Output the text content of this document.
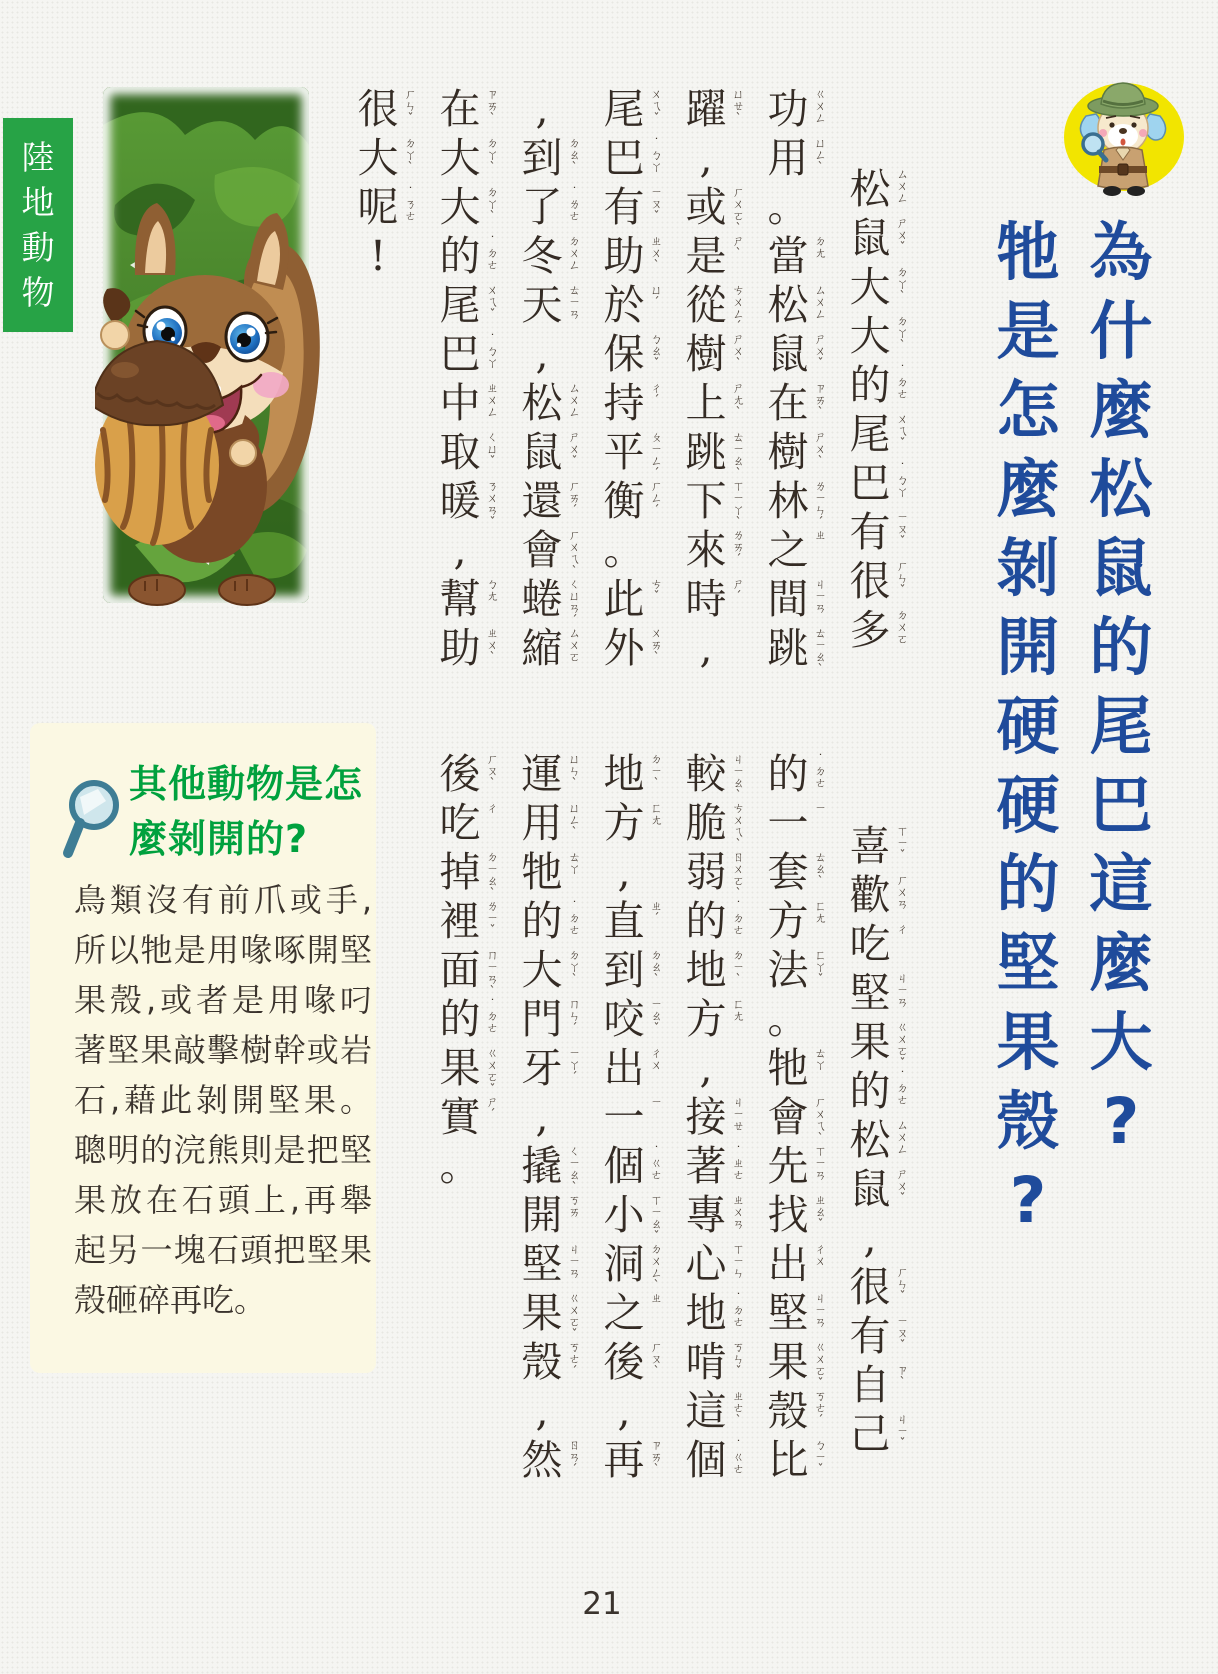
陸
地
動
物
為
什
麼
松
鼠
的
尾
巴
這
麼
大
?
牠
是
怎
麼
剝
開
硬
硬
的
堅
果
殼
?
松 ㄙ
ㄨ
ㄥ
鼠 ㄕ
ㄨ
ˇ
大 ㄉ
ㄚ
ˋ
大 ㄉ
ㄚ
ˋ
的 ˙
ㄉ
ㄜ
尾 ㄨ
ㄟ
ˇ
巴 ˙
ㄅ
ㄚ
有 ㄧ
ㄡ
ˇ
很 ㄏ
ㄣ
ˇ
多 ㄉ
ㄨ
ㄛ
功 ㄍ
ㄨ
ㄥ
用 ㄩ
ㄥ
ˋ
。
當 ㄉ
ㄤ
松 ㄙ
ㄨ
ㄥ
鼠 ㄕ
ㄨ
ˇ
在 ㄗ
ㄞ
ˋ
樹 ㄕ
ㄨ
ˋ
林 ㄌ
ㄧ
ㄣ
ˊ
之 ㄓ
間 ㄐ
ㄧ
ㄢ
跳 ㄊ
ㄧ
ㄠ
ˋ
躍 ㄩ
ㄝ
ˋ
,
或 ㄏ
ㄨ
ㄛ
ˋ
是 ㄕ
ˋ
從 ㄘ
ㄨ
ㄥ
ˊ
樹 ㄕ
ㄨ
ˋ
上 ㄕ
ㄤ
ˋ
跳 ㄊ
ㄧ
ㄠ
ˋ
下 ㄒ
ㄧ
ㄚ
ˋ
來 ㄌ
ㄞ
ˊ
時 ㄕ
ˊ
,
尾 ㄨ
ㄟ
ˇ
巴 ˙
ㄅ
ㄚ
有 ㄧ
ㄡ
ˇ
助 ㄓ
ㄨ
ˋ
於 ㄩ
ˊ
保 ㄅ
ㄠ
ˇ
持 ㄔ
ˊ
平 ㄆ
ㄧ
ㄥ
ˊ
衡 ㄏ
ㄥ
ˊ
。
此 ㄘ
ˇ
外 ㄨ
ㄞ
ˋ
,
到 ㄉ
ㄠ
ˋ
了 ˙
ㄌ
ㄜ
冬 ㄉ
ㄨ
ㄥ
天 ㄊ
ㄧ
ㄢ
,
松 ㄙ
ㄨ
ㄥ
鼠 ㄕ
ㄨ
ˇ
還 ㄏ
ㄞ
ˊ
會 ㄏ
ㄨ
ㄟ
ˋ
蜷 ㄑ
ㄩ
ㄢ
ˊ
縮 ㄙ
ㄨ
ㄛ
在 ㄗ
ㄞ
ˋ
大 ㄉ
ㄚ
ˋ
大 ㄉ
ㄚ
ˋ
的 ˙
ㄉ
ㄜ
尾 ㄨ
ㄟ
ˇ
巴 ˙
ㄅ
ㄚ
中 ㄓ
ㄨ
ㄥ
取 ㄑ
ㄩ
ˇ
暖 ㄋ
ㄨ
ㄢ
ˇ
,
幫 ㄅ
ㄤ
助 ㄓ
ㄨ
ˋ
很 ㄏ
ㄣ
ˇ
大 ㄉ
ㄚ
ˋ
呢 ˙
ㄋ
ㄜ
!
喜 ㄒ
ㄧ
ˇ
歡 ㄏ
ㄨ
ㄢ
吃 ㄔ
堅 ㄐ
ㄧ
ㄢ
果 ㄍ
ㄨ
ㄛ
ˇ
的 ˙
ㄉ
ㄜ
松 ㄙ
ㄨ
ㄥ
鼠 ㄕ
ㄨ
ˇ
,
很 ㄏ
ㄣ
ˇ
有 ㄧ
ㄡ
ˇ
自 ㄗ
ˋ
己 ㄐ
ㄧ
ˇ
的 ˙
ㄉ
ㄜ
一 ㄧ
套 ㄊ
ㄠ
ˋ
方 ㄈ
ㄤ
法 ㄈ
ㄚ
ˇ
。
牠 ㄊ
ㄚ
會 ㄏ
ㄨ
ㄟ
ˋ
先 ㄒ
ㄧ
ㄢ
找 ㄓ
ㄠ
ˇ
出 ㄔ
ㄨ
堅 ㄐ
ㄧ
ㄢ
果 ㄍ
ㄨ
ㄛ
ˇ
殼 ㄎ
ㄜ
ˊ
比 ㄅ
ㄧ
ˇ
較 ㄐ
ㄧ
ㄠ
ˋ
脆 ㄘ
ㄨ
ㄟ
ˋ
弱 ㄖ
ㄨ
ㄛ
ˋ
的 ˙
ㄉ
ㄜ
地 ㄉ
ㄧ
ˋ
方 ㄈ
ㄤ
,
接 ㄐ
ㄧ
ㄝ
著 ˙
ㄓ
ㄜ
專 ㄓ
ㄨ
ㄢ
心 ㄒ
ㄧ
ㄣ
地 ˙
ㄉ
ㄜ
啃 ㄎ
ㄣ
ˇ
這 ㄓ
ㄜ
ˋ
個 ˙
ㄍ
ㄜ
地 ㄉ
ㄧ
ˋ
方 ㄈ
ㄤ
,
直 ㄓ
ˊ
到 ㄉ
ㄠ
ˋ
咬 ㄧ
ㄠ
ˇ
出 ㄔ
ㄨ
一 ㄧ
個 ˙
ㄍ
ㄜ
小 ㄒ
ㄧ
ㄠ
ˇ
洞 ㄉ
ㄨ
ㄥ
ˋ
之 ㄓ
後 ㄏ
ㄡ
ˋ
,
再 ㄗ
ㄞ
ˋ
運 ㄩ
ㄣ
ˋ
用 ㄩ
ㄥ
ˋ
牠 ㄊ
ㄚ
的 ˙
ㄉ
ㄜ
大 ㄉ
ㄚ
ˋ
門 ㄇ
ㄣ
ˊ
牙 ㄧ
ㄚ
ˊ
,
撬 ㄑ
ㄧ
ㄠ
ˋ
開 ㄎ
ㄞ
堅 ㄐ
ㄧ
ㄢ
果 ㄍ
ㄨ
ㄛ
ˇ
殼 ㄎ
ㄜ
ˊ
,
然 ㄖ
ㄢ
ˊ
後 ㄏ
ㄡ
ˋ
吃 ㄔ
掉 ㄉ
ㄧ
ㄠ
ˋ
裡 ㄌ
ㄧ
ˇ
面 ㄇ
ㄧ
ㄢ
ˋ
的 ˙
ㄉ
ㄜ
果 ㄍ
ㄨ
ㄛ
ˇ
實 ㄕ
ˊ
。
其他動物是怎
麼剝開的?
鳥類沒有前爪或手,所以牠是用喙啄開堅果殼,或者是用喙叼著堅果敲擊樹幹或岩石,藉此剝開堅果。聰明的浣熊則是把堅果放在石頭上,再舉起另一塊石頭把堅果殼砸碎再吃。
21
